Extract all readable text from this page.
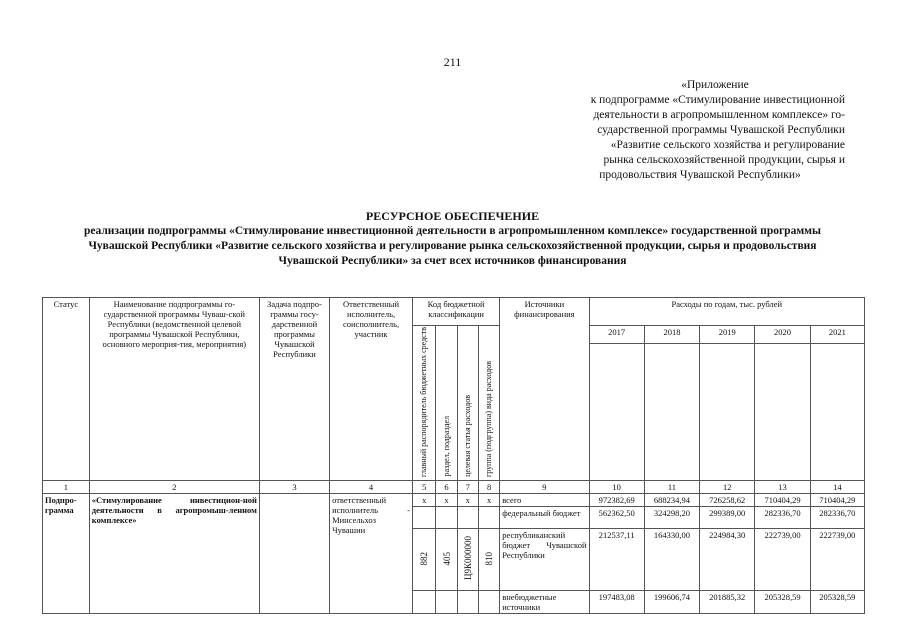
211
«Приложение
к подпрограмме «Стимулирование инвестиционной
деятельности в агропромышленном комплексе» го-
сударственной программы Чувашской Республики
«Развитие сельского хозяйства и регулирование
рынка сельскохозяйственной продукции, сырья и
продовольствия Чувашской Республики»
РЕСУРСНОЕ ОБЕСПЕЧЕНИЕ
реализации подпрограммы «Стимулирование инвестиционной деятельности в агропромышленном комплексе» государственной программы Чувашской Республики «Развитие сельского хозяйства и регулирование рынка сельскохозяйственной продукции, сырья и продовольствия Чувашской Республики» за счет всех источников финансирования
Статус	Наименование подпрограммы го-сударственной программы Чуваш-ской Республики (ведомственной целевой программы Чувашской Республики, основного мероприя-тия, мероприятия)	Задача подпро-граммы госу-дарственной программы Чувашской Республики	Ответственный исполнитель, соисполнитель, участник	Код бюджетной классификации				Источники финансирования	Расходы по годам, тыс. рублей				
				главный распорядитель бюджетных средств	раздел, подраздел	целевая статья расходов	группа (подгруппа) вида расходов		2017	2018	2019	2020	2021

1	2	3	4	5	6	7	8	9	10	11	12	13	14
Подпро-грамма	«Стимулирование инвестицион-ной деятельности в агропромыш-ленном комплексе»		ответственный исполнитель - Минсельхоз Чувашии	x	x	x	x	всего	972382,69	688234,94	726258,62	710404,29	710404,29
								федеральный бюджет	562362,50	324298,20	299389,00	282336,70	282336,70
				882	405	Ц9К000000	810	республиканский бюджет Чувашской Республики	212537,11	164330,00	224984,30	222739,00	222739,00
								внебюджетные источники	197483,08	199606,74	201885,32	205328,59	205328,59
